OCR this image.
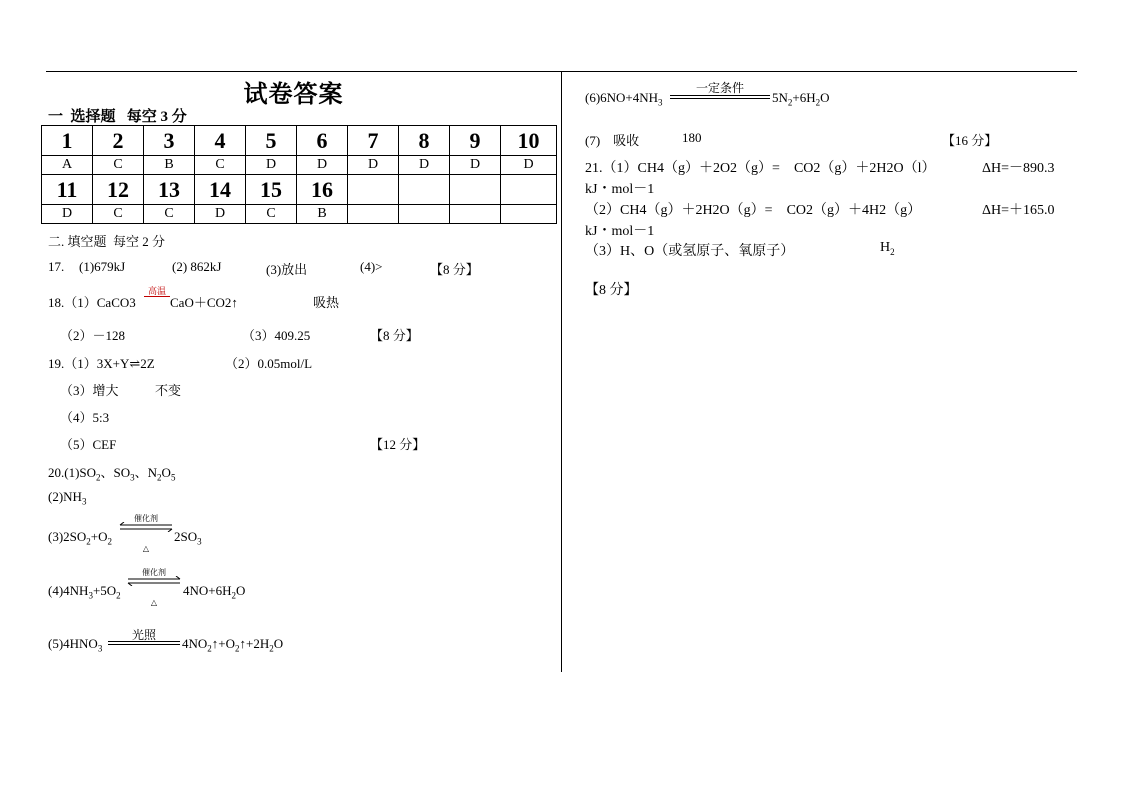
试卷答案
一  选择题   每空 3 分
1	2	3	4	5	6	7	8	9	10
A	C	B	C	D	D	D	D	D	D
11	12	13	14	15	16				
D	C	C	D	C	B				
二. 填空题  每空 2 分
17. (1)679kJ	(2) 862kJ	(3)放出	(4)>	【8 分】
18.（1）CaCO3
高温
CaO＋CO2↑	吸热
（2）－128	（3）409.25	【8 分】
19.（1）3X+Y⇌2Z	（2）0.05mol/L
（3）增大	不变
（4）5:3
（5）CEF	【12 分】
$20.(1)SO_2$、$SO_3$、$N_2O_5$
$(2)NH_3$
$(3)2SO_2+O_2$
催化剂
△
$2SO_3$
$(4)4NH_3+5O_2$
催化剂
△
$4NO+6H_2O$
$(5)4HNO_3$
光照
$4NO_2↑+O_2↑+2H_2O$
$(6)6NO+4NH_3$
一定条件
$5N_2+6H_2O$
(7)    吸收	180	【16 分】
21.（1）CH4（g）＋2O2（g）=    CO2（g）＋2H2O（l）	ΔH=－890.3
kJ・mol－1
（2）CH4（g）＋2H2O（g）=    CO2（g）＋4H2（g）	ΔH=＋165.0
kJ・mol－1
（3）H、O（或氢原子、氧原子）	$H_2$
【8 分】
